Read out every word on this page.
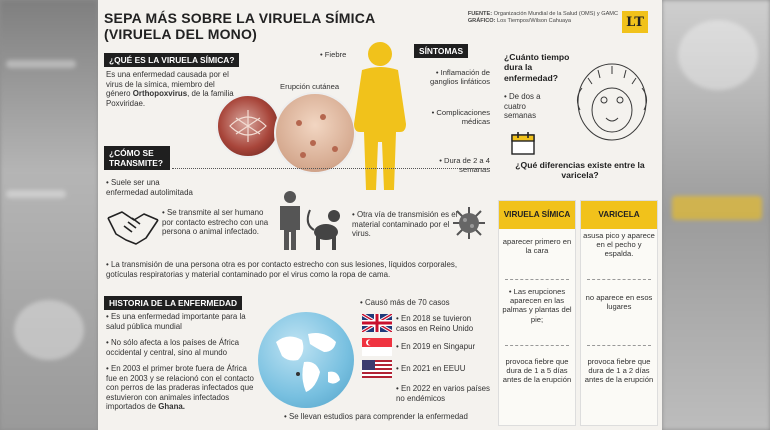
SEPA MÁS SOBRE LA VIRUELA SÍMICA
(VIRUELA DEL MONO)
FUENTE: Organización Mundial de la Salud (OMS) y GAMC
GRÁFICO: Los Tiempos/Wilson Cahuaya	LT
¿QUÉ ES LA VIRUELA SÍMICA?
Es una enfermedad causada por el virus de la símica, miembro del género Orthopoxvirus, de la familia Poxviridae.
SÍNTOMAS
• Fiebre
Erupción cutánea
• Inflamación de ganglios linfáticos
• Complicaciones médicas
• Dura de 2 a 4 semanas
¿Cuánto tiempo dura la enfermedad?
• De dos a cuatro semanas
¿CÓMO SE TRANSMITE?
• Suele ser una enfermedad autolimitada
• Se transmite al ser humano por contacto estrecho con una persona o animal infectado.
• Otra vía de transmisión es el material contaminado por el virus.
• La transmisión de una persona otra es por contacto estrecho con sus lesiones, líquidos corporales, gotículas respiratorias y material contaminado por el virus como la ropa de cama.
¿Qué diferencias existe entre la varicela?
VIRUELA SÍMICA
aparecer primero en la cara
• Las erupciones aparecen en las palmas y plantas del pie;
provoca fiebre que dura de 1 a 5 días antes de la erupción
VARICELA
asusa pico y aparece en el pecho y espalda.
no aparece en esos lugares
provoca fiebre que dura de 1 a 2 días antes de la erupción
HISTORIA DE LA ENFERMEDAD
• Es una enfermedad importante para la salud pública mundial
• No sólo afecta a los países de África occidental y central, sino al mundo
• En 2003 el primer brote fuera de África fue en 2003 y se relacionó con el contacto con perros de las praderas infectados que estuvieron con animales infectados importados de Ghana.
• Causó más de 70 casos
• En 2018 se tuvieron casos en Reino Unido
• En 2019 en Singapur
• En 2021 en EEUU
• En 2022 en varios países no endémicos
• Se llevan estudios para comprender la enfermedad
